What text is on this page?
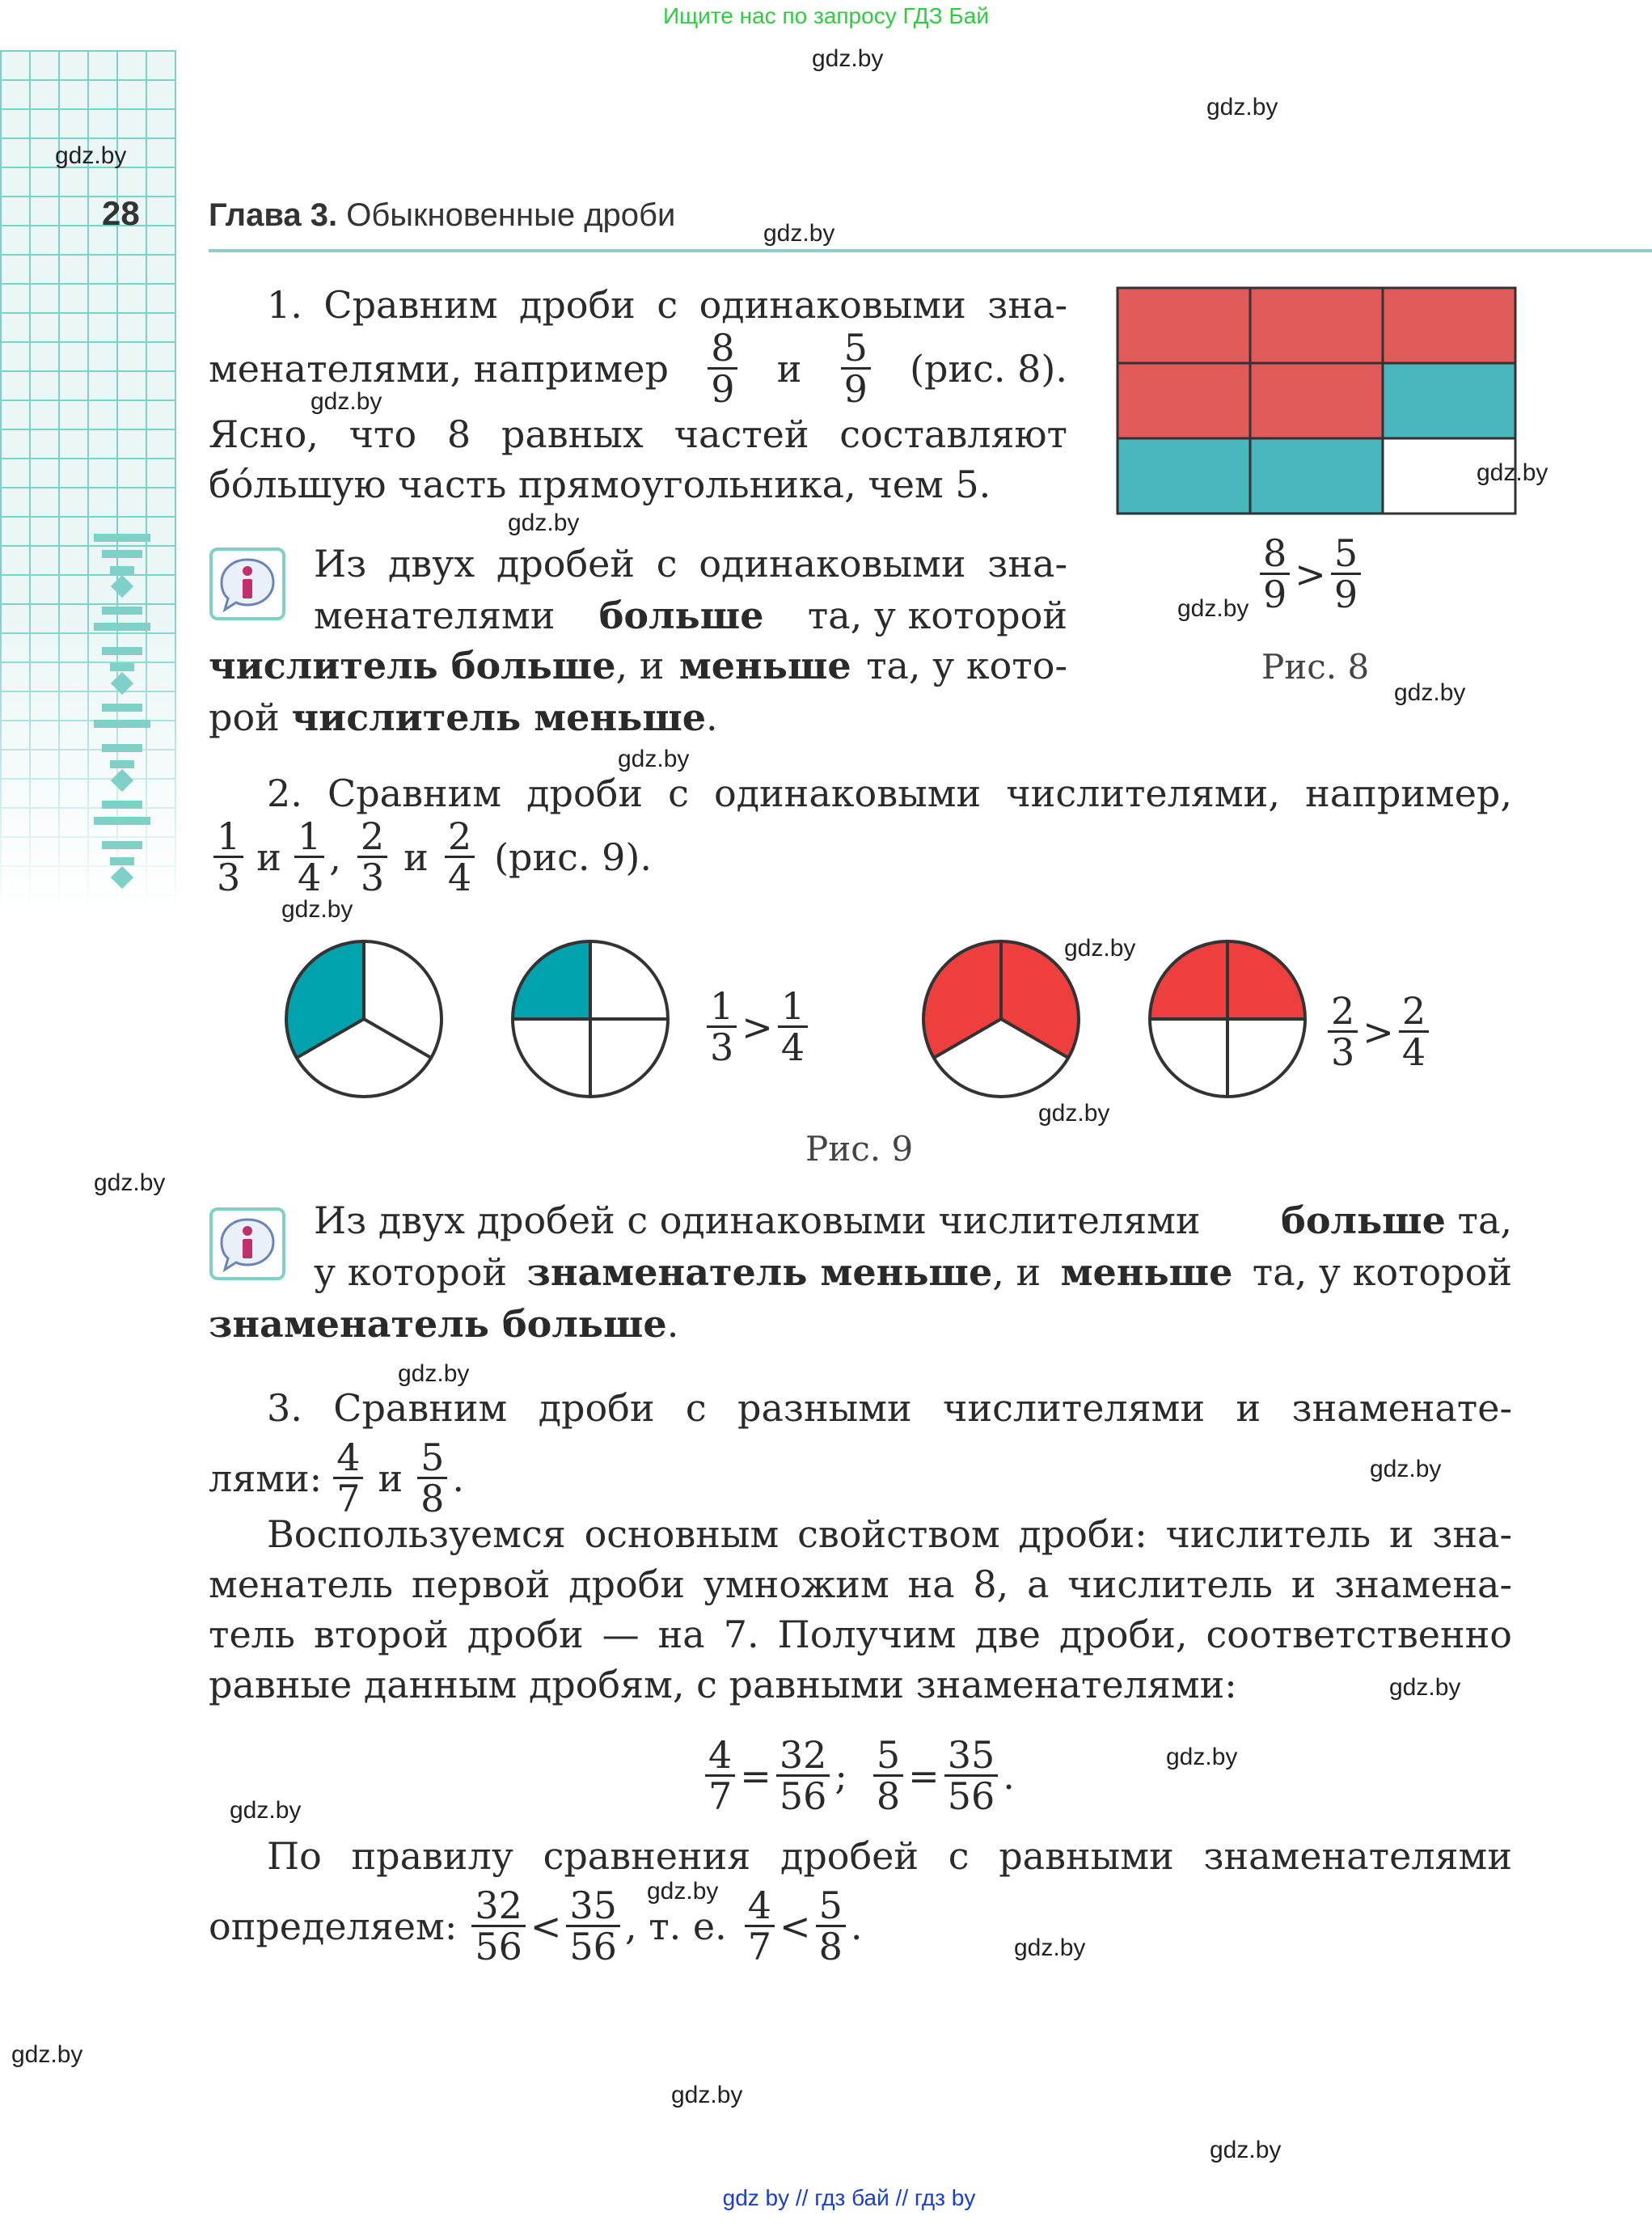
Ищите нас по запросу ГДЗ Бай
28 Глава 3. Обыкновенные дроби
1. Сравним дроби с одинаковыми зна-
менателями, например $\frac{8}{9}$ и $\frac{5}{9} (рис$. 8).
Ясно, что 8 равных частей составляют
бóльшую часть прямоугольника, чем 5.
Из двух дробей с одинаковыми зна-
менателями больше та, у которой
числитель больше, и меньше та, у кото-
рой числитель меньше.
$\frac{8}{9} > \frac{5}{9}$
Рис. 8
2. Сравним дроби с одинаковыми числителями, например,
$\frac{1}{3}$ и $\frac{1}{4}$ , $\frac{2}{3}$ и $\frac{2}{4} (рис$. 9).
$\frac{1}{3} > \frac{1}{4}$	$\frac{2}{3} > \frac{2}{4}$
Рис. 9
Из двух дробей с одинаковыми числителями больше та,
у которой знаменатель меньше, и меньше та, у которой
знаменатель больше.
3. Сравним дроби с разными числителями и знаменате-
лями: $\frac{4}{7}$ и $\frac{5}{8}$ .
Воспользуемся основным свойством дроби: числитель и зна-
менатель первой дроби умножим на 8, а числитель и знамена-
тель второй дроби — на 7. Получим две дроби, соответственно
равные данным дробям, с равными знаменателями:
$\frac{4}{7} = \frac{32}{56}$ ; $\frac{5}{8} = \frac{35}{56}$ .
По правилу сравнения дробей с равными знаменателями
определяем: $\frac{32}{56} < \frac{35}{56}$ , т. е. $\frac{4}{7} < \frac{5}{8}$ .
gdz.by
gdz.by
gdz.by
gdz.by
gdz.by
gdz.by
gdz.by
gdz.by
gdz.by
gdz.by
gdz.by
gdz.by
gdz.by
gdz.by
gdz.by
gdz.by
gdz.by
gdz.by
gdz.by
gdz.by
gdz.by
gdz.by
gdz.by
gdz.by
gdz by // гдз бай // гдз by
